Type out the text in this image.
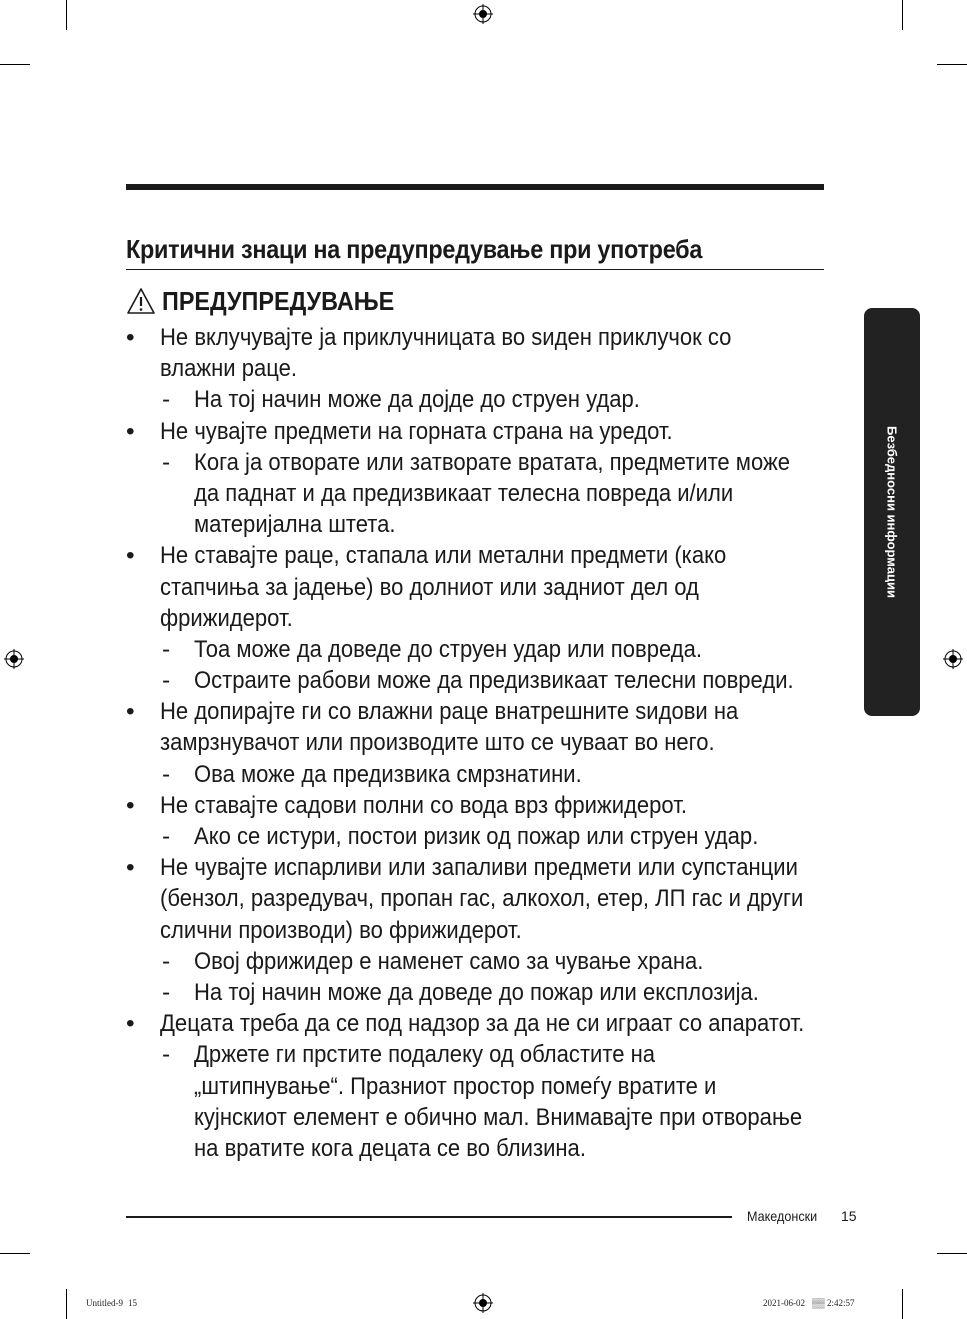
Критични знаци на предупредување при употреба
ПРЕДУПРЕДУВАЊЕ
•	Не вклучувајте ја приклучницата во ѕиден приклучок со
влажни раце.
- На тој начин може да дојде до струен удар.
•	Не чувајте предмети на горната страна на уредот.
- Кога ја отворате или затворате вратата, предметите може
да паднат и да предизвикаат телесна повреда и/или
материјална штета.
•	Не ставајте раце, стапала или метални предмети (како
стапчиња за јадење) во долниот или задниот дел од
фрижидерот.
- Тоа може да доведе до струен удар или повреда.
- Остраите рабови може да предизвикаат телесни повреди.
•	Не допирајте ги со влажни раце внатрешните ѕидови на
замрзнувачот или производите што се чуваат во него.
- Ова може да предизвика смрзнатини.
•	Не ставајте садови полни со вода врз фрижидерот.
- Ако се истури, постои ризик од пожар или струен удар.
•	Не чувајте испарливи или запаливи предмети или супстанции
(бензол, разредувач, пропан гас, алкохол, етер, ЛП гас и други
слични производи) во фрижидерот.
- Овој фрижидер е наменет само за чување храна.
- На тој начин може да доведе до пожар или експлозија.
•	Децата треба да се под надзор за да не си играат со апаратот.
- Држете ги прстите подалеку од областите на
„штипнување“. Празниот простор помеѓу вратите и
кујнскиот елемент е обично мал. Внимавајте при отворање
на вратите кога децата се во близина.
Безбедносни информации
Македонски 15
Untitled-9 15	2021-06-02 ▒▒ 2:42:57
